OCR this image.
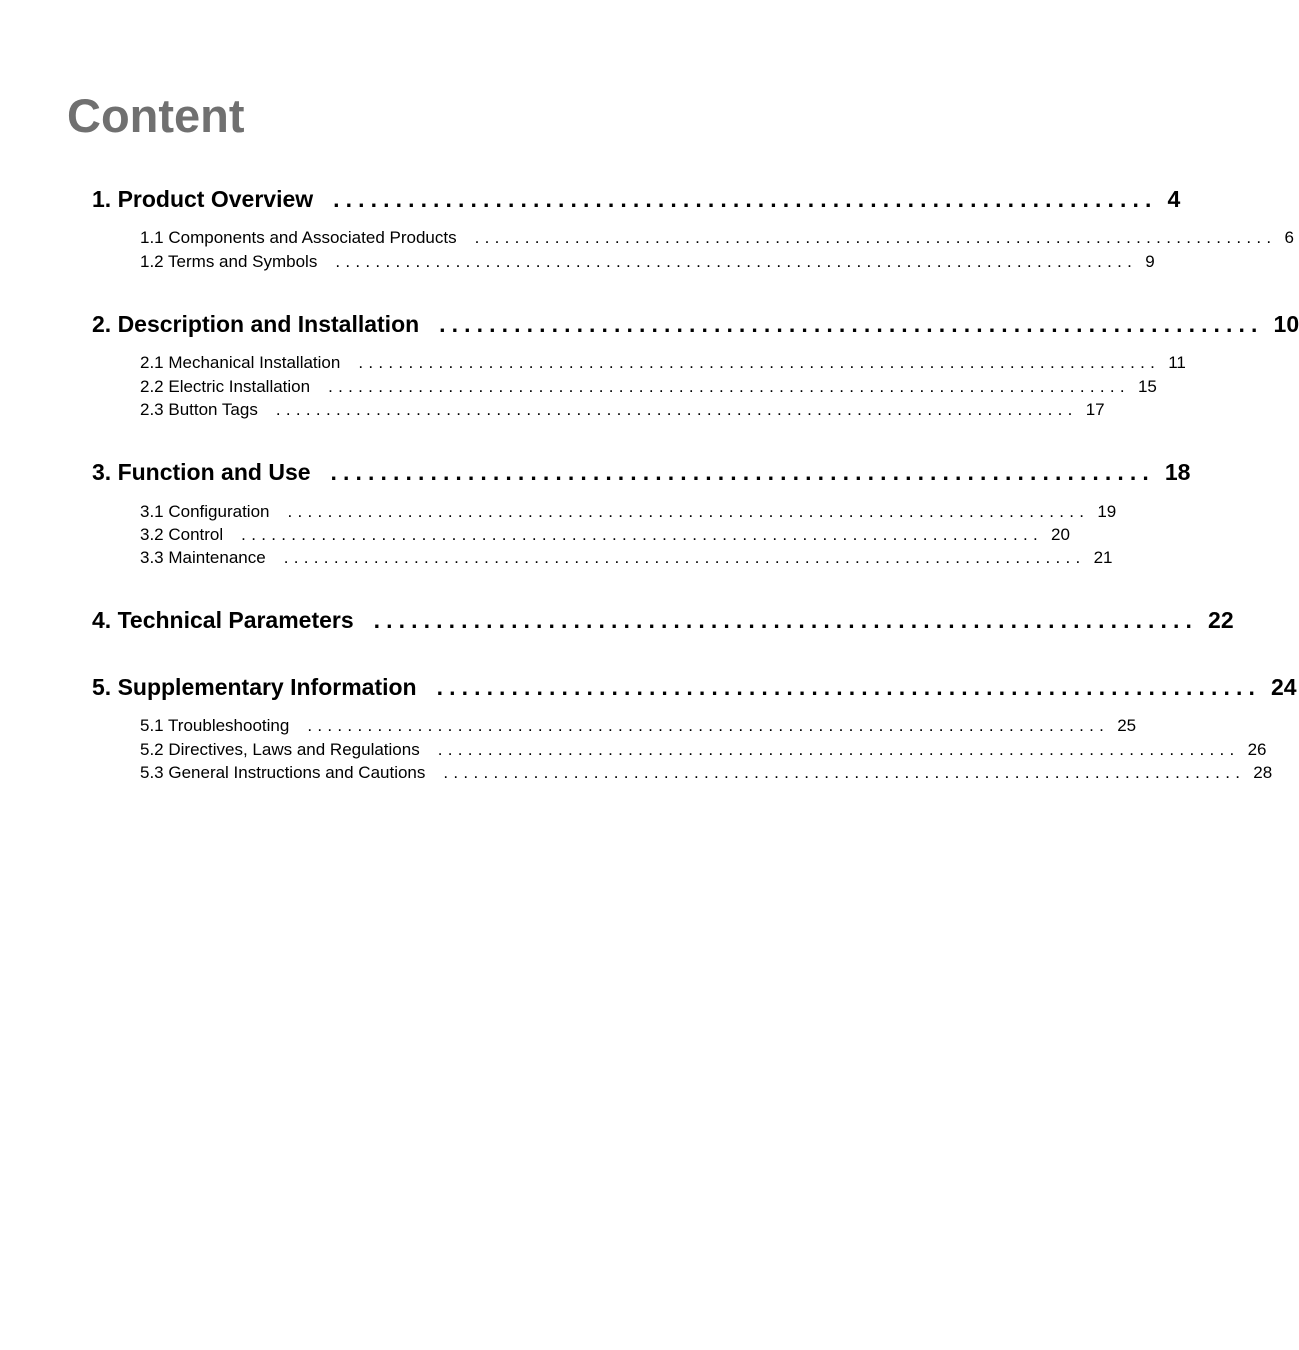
Content
1. Product Overview .................................................................. 4
1.1 Components and Associated Products ................................................................................ 6
1.2 Terms and Symbols ................................................................................ 9
2. Description and Installation .................................................................. 10
2.1 Mechanical Installation ................................................................................ 11
2.2 Electric Installation ................................................................................ 15
2.3 Button Tags ................................................................................ 17
3. Function and Use .................................................................. 18
3.1 Configuration ................................................................................ 19
3.2 Control ................................................................................ 20
3.3 Maintenance ................................................................................ 21
4. Technical Parameters .................................................................. 22
5. Supplementary Information .................................................................. 24
5.1 Troubleshooting ................................................................................ 25
5.2 Directives, Laws and Regulations ................................................................................ 26
5.3 General Instructions and Cautions ................................................................................ 28
